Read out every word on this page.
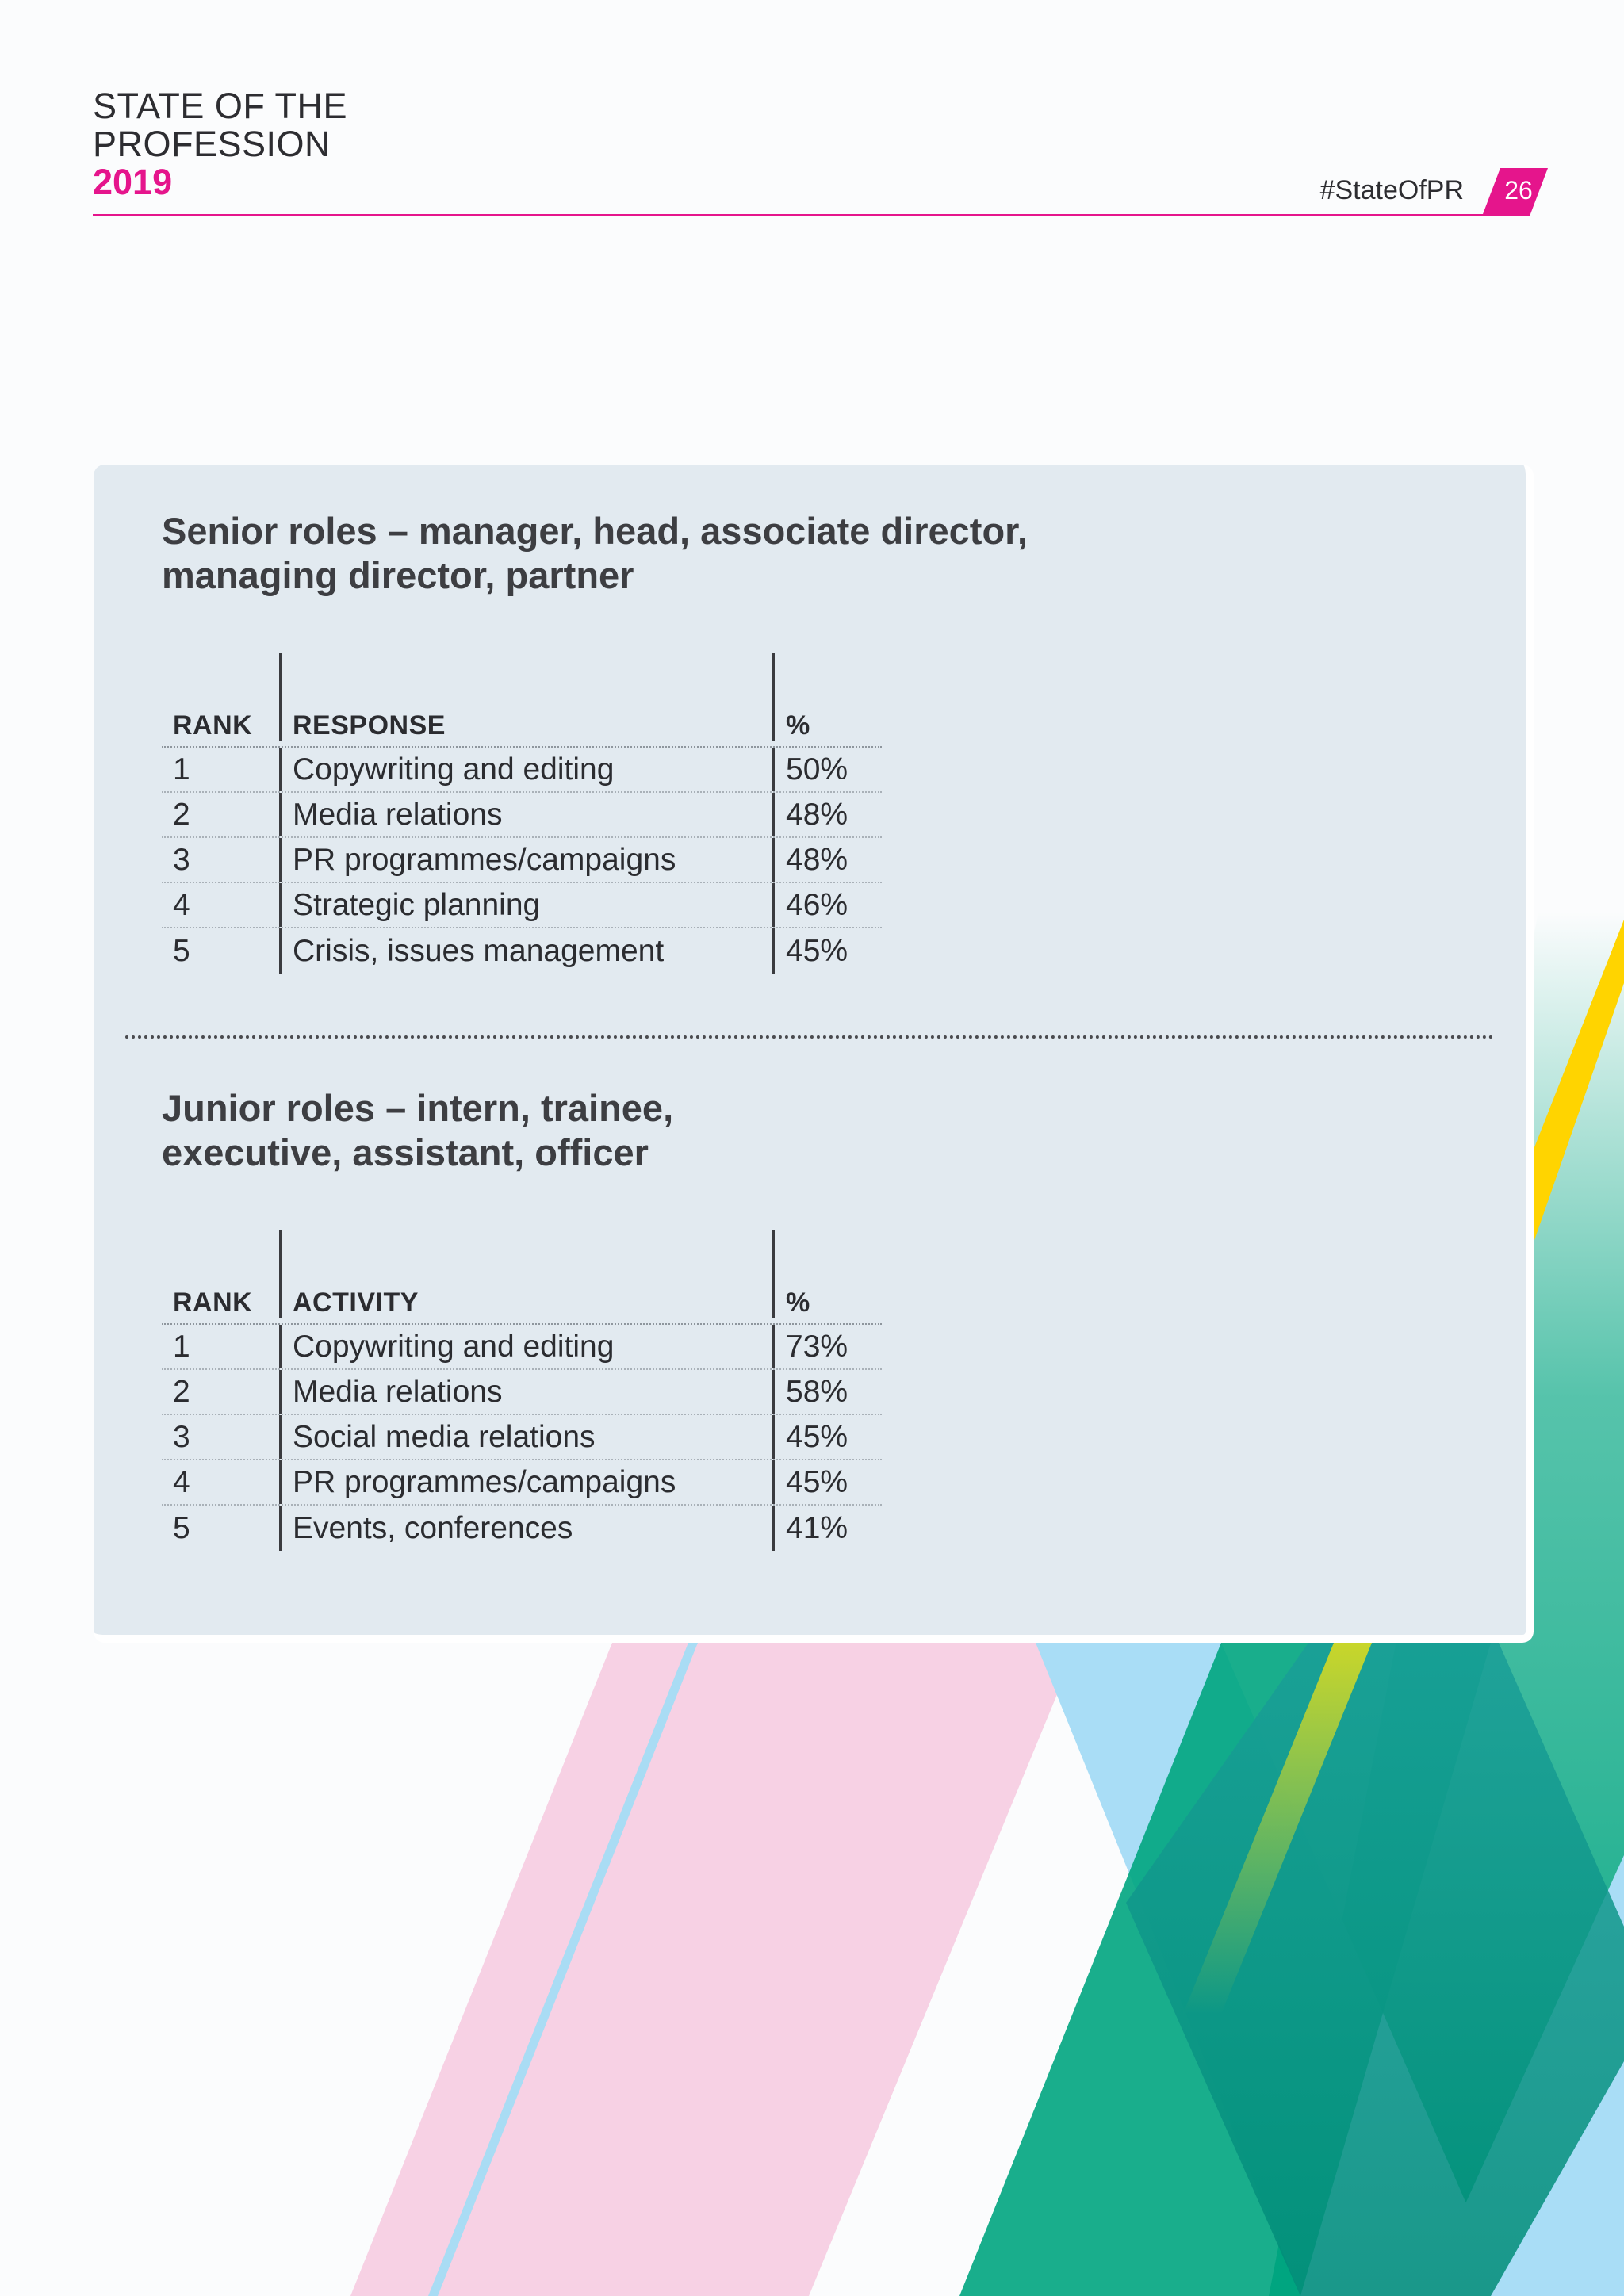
STATE OF THE
PROFESSION
2019	#StateOfPR	26
Senior roles – manager, head, associate director,
managing director, partner
RANK	RESPONSE	%
1	Copywriting and editing	50%
2	Media relations	48%
3	PR programmes/campaigns	48%
4	Strategic planning	46%
5	Crisis, issues management	45%
Junior roles – intern, trainee,
executive, assistant, officer
RANK	ACTIVITY	%
1	Copywriting and editing	73%
2	Media relations	58%
3	Social media relations	45%
4	PR programmes/campaigns	45%
5	Events, conferences	41%
